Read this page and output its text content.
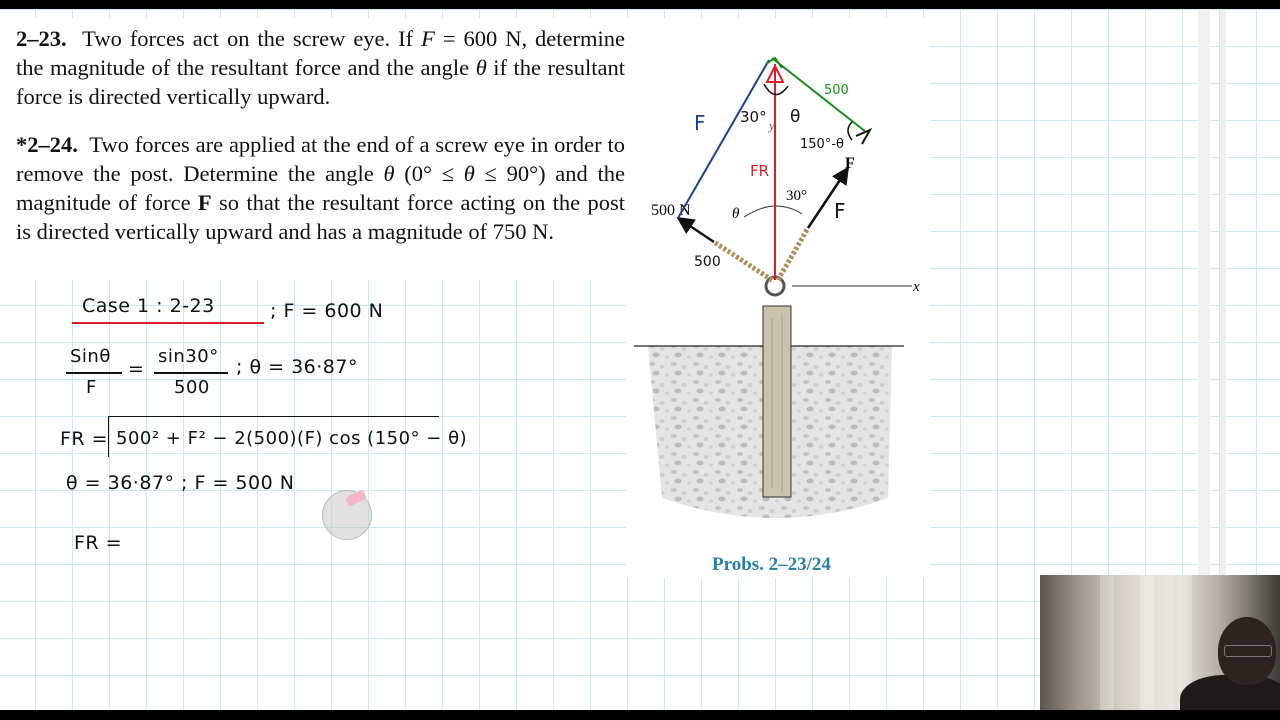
2–23. Two forces act on the screw eye. If F = 600 N, determine the magnitude of the resultant force and the angle θ if the resultant force is directed vertically upward.
*2–24. Two forces are applied at the end of a screw eye in order to remove the post. Determine the angle θ (0° ≤ θ ≤ 90°) and the magnitude of force F so that the resultant force acting on the post is directed vertically upward and has a magnitude of 750 N.
x
y
θ
30°
500 N
F
F 30° θ
500
150°-θ
FR
F
500
Probs. 2–23/24
Case 1 : 2-23	; F = 600 N
Sinθ
F
=
sin30°
500
; θ = 36·87°
FR = 500² + F² − 2(500)(F) cos (150° − θ)
θ = 36·87° ; F = 500 N
FR =
